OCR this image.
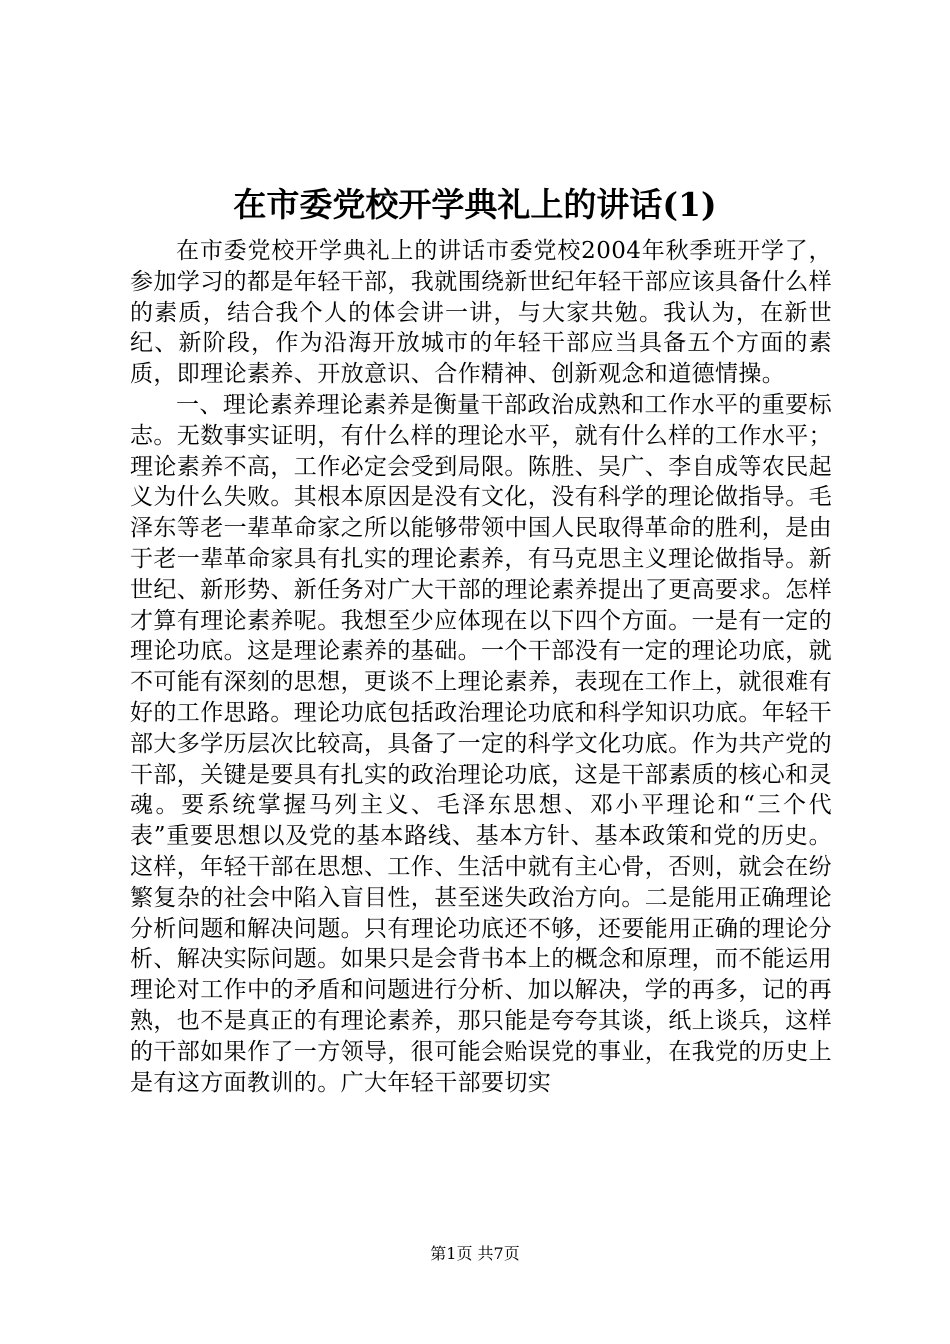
在市委党校开学典礼上的讲话(1)

在市委党校开学典礼上的讲话市委党校2004年秋季班开学了，参加学习的都是年轻干部，我就围绕新世纪年轻干部应该具备什么样的素质，结合我个人的体会讲一讲，与大家共勉。我认为，在新世纪、新阶段，作为沿海开放城市的年轻干部应当具备五个方面的素质，即理论素养、开放意识、合作精神、创新观念和道德情操。

一、理论素养理论素养是衡量干部政治成熟和工作水平的重要标志。无数事实证明，有什么样的理论水平，就有什么样的工作水平；理论素养不高，工作必定会受到局限。陈胜、吴广、李自成等农民起义为什么失败。其根本原因是没有文化，没有科学的理论做指导。毛泽东等老一辈革命家之所以能够带领中国人民取得革命的胜利，是由于老一辈革命家具有扎实的理论素养，有马克思主义理论做指导。新世纪、新形势、新任务对广大干部的理论素养提出了更高要求。怎样才算有理论素养呢。我想至少应体现在以下四个方面。一是有一定的理论功底。这是理论素养的基础。一个干部没有一定的理论功底，就不可能有深刻的思想，更谈不上理论素养，表现在工作上，就很难有好的工作思路。理论功底包括政治理论功底和科学知识功底。年轻干部大多学历层次比较高，具备了一定的科学文化功底。作为共产党的干部，关键是要具有扎实的政治理论功底，这是干部素质的核心和灵魂。要系统掌握马列主义、毛泽东思想、邓小平理论和“三个代表”重要思想以及党的基本路线、基本方针、基本政策和党的历史。这样，年轻干部在思想、工作、生活中就有主心骨，否则，就会在纷繁复杂的社会中陷入盲目性，甚至迷失政治方向。二是能用正确理论分析问题和解决问题。只有理论功底还不够，还要能用正确的理论分析、解决实际问题。如果只是会背书本上的概念和原理，而不能运用理论对工作中的矛盾和问题进行分析、加以解决，学的再多，记的再熟，也不是真正的有理论素养，那只能是夸夸其谈，纸上谈兵，这样的干部如果作了一方领导，很可能会贻误党的事业，在我党的历史上是有这方面教训的。广大年轻干部要切实

第1页 共7页
